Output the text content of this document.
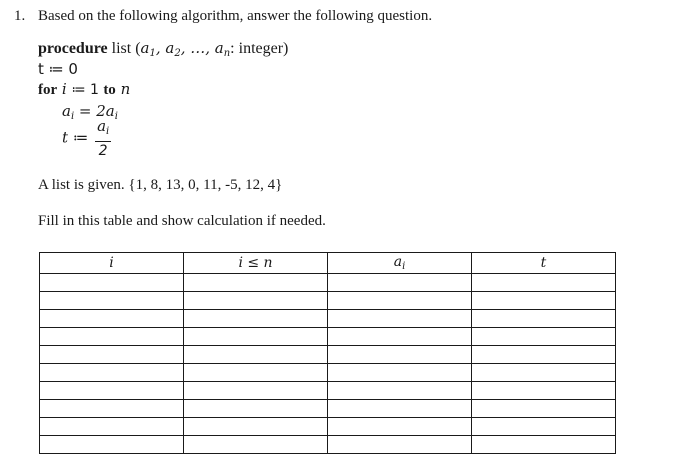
1. Based on the following algorithm, answer the following question.
procedure list ($a_1$, $a_2$, …, $a_n$: integer)
t ≔ 0
for i ≔ 1 to n
$a_i = 2a_i$
t ≔ $\frac{a_i}{2}$
A list is given. {1, 8, 13, 0, 11, -5, 12, 4}
Fill in this table and show calculation if needed.
i	i ≤ n	$a_i$	t
